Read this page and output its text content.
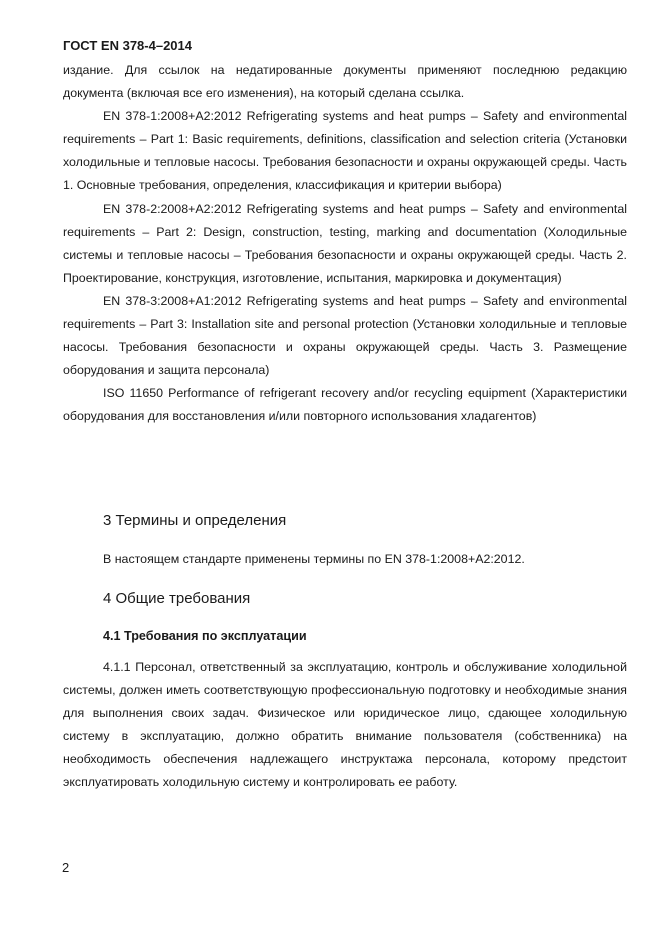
ГОСТ EN 378-4–2014

издание. Для ссылок на недатированные документы применяют последнюю редакцию документа (включая все его изменения), на который сделана ссылка.

EN 378-1:2008+A2:2012 Refrigerating systems and heat pumps – Safety and environmental requirements – Part 1: Basic requirements, definitions, classification and selection criteria (Установки холодильные и тепловые насосы. Требования безопасности и охраны окружающей среды. Часть 1. Основные требования, определения, классификация и критерии выбора)

EN 378-2:2008+A2:2012 Refrigerating systems and heat pumps – Safety and environmental requirements – Part 2: Design, construction, testing, marking and documentation (Холодильные системы и тепловые насосы – Требования безопасности и охраны окружающей среды. Часть 2. Проектирование, конструкция, изготовление, испытания, маркировка и документация)

EN 378-3:2008+A1:2012 Refrigerating systems and heat pumps – Safety and environmental requirements – Part 3: Installation site and personal protection (Установки холодильные и тепловые насосы. Требования безопасности и охраны окружающей среды. Часть 3. Размещение оборудования и защита персонала)

ISO 11650 Performance of refrigerant recovery and/or recycling equipment (Характеристики оборудования для восстановления и/или повторного использования хладагентов)

3 Термины и определения
В настоящем стандарте применены термины по EN 378-1:2008+A2:2012.
4 Общие требования
4.1 Требования по эксплуатации

4.1.1 Персонал, ответственный за эксплуатацию, контроль и обслуживание холодильной системы, должен иметь соответствующую профессиональную подготовку и необходимые знания для выполнения своих задач. Физическое или юридическое лицо, сдающее холодильную систему в эксплуатацию, должно обратить внимание пользователя (собственника) на необходимость обеспечения надлежащего инструктажа персонала, которому предстоит эксплуатировать холодильную систему и контролировать ее работу.

2
